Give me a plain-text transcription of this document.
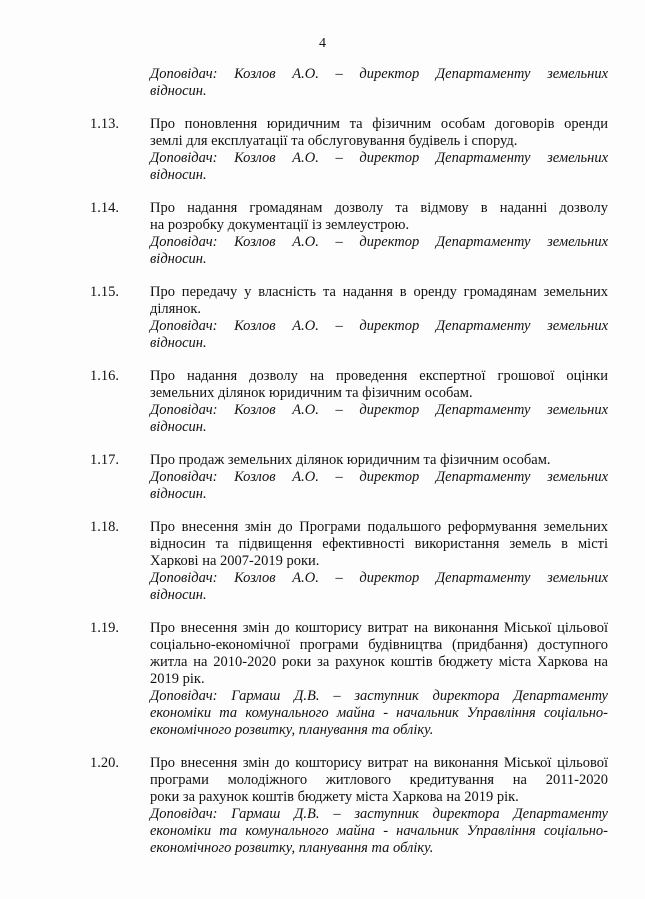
4
Доповідач: Козлов А.О. – директор Департаменту земельних
відносин.
1.13.	Про поновлення юридичним та фізичним особам договорів оренди
землі для експлуатації та обслуговування будівель і споруд.
Доповідач: Козлов А.О. – директор Департаменту земельних
відносин.
1.14.	Про надання громадянам дозволу та відмову в наданні дозволу
на розробку документації із землеустрою.
Доповідач: Козлов А.О. – директор Департаменту земельних
відносин.
1.15.	Про передачу у власність та надання в оренду громадянам земельних
ділянок.
Доповідач: Козлов А.О. – директор Департаменту земельних
відносин.
1.16.	Про надання дозволу на проведення експертної грошової оцінки
земельних ділянок юридичним та фізичним особам.
Доповідач: Козлов А.О. – директор Департаменту земельних
відносин.
1.17.	Про продаж земельних ділянок юридичним та фізичним особам.
Доповідач: Козлов А.О. – директор Департаменту земельних
відносин.
1.18.	Про внесення змін до Програми подальшого реформування земельних
відносин та підвищення ефективності використання земель в місті
Харкові на 2007-2019 роки.
Доповідач: Козлов А.О. – директор Департаменту земельних
відносин.
1.19.	Про внесення змін до кошторису витрат на виконання Міської цільової
соціально-економічної програми будівництва (придбання) доступного
житла на 2010-2020 роки за рахунок коштів бюджету міста Харкова на
2019 рік.
Доповідач: Гармаш Д.В. – заступник директора Департаменту
економіки та комунального майна - начальник Управління соціально-
економічного розвитку, планування та обліку.
1.20.	Про внесення змін до кошторису витрат на виконання Міської цільової
програми молодіжного житлового кредитування на 2011-2020
роки за рахунок коштів бюджету міста Харкова на 2019 рік.
Доповідач: Гармаш Д.В. – заступник директора Департаменту
економіки та комунального майна - начальник Управління соціально-
економічного розвитку, планування та обліку.
